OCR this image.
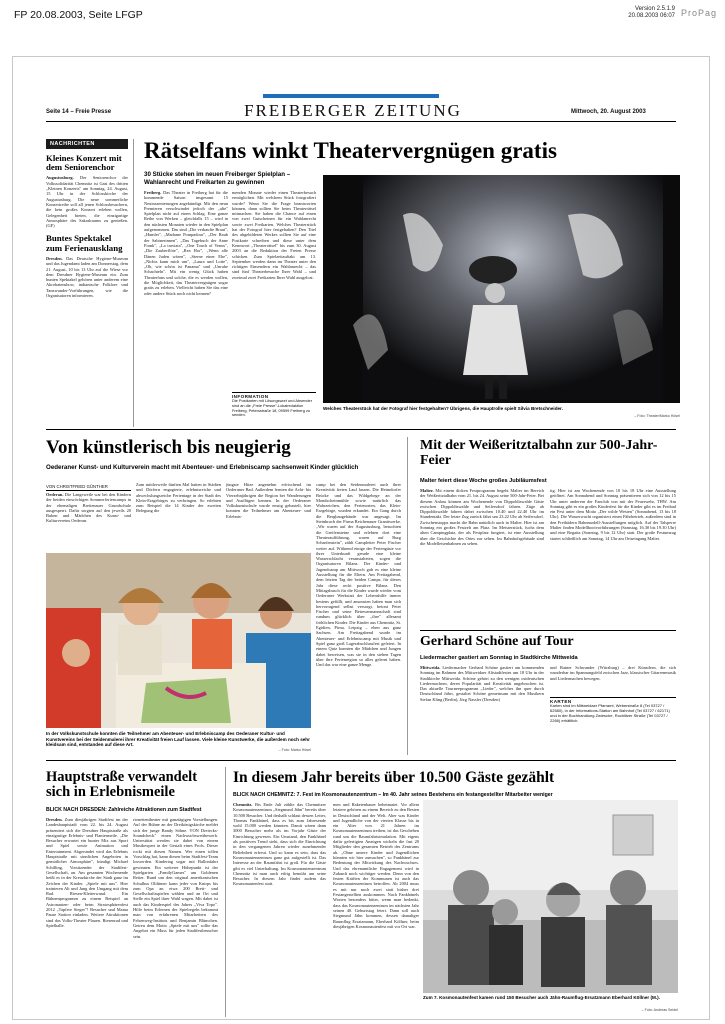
FP 20.08.2003, Seite LFGP	Version 2.5.1.9
20.08.2003 06:07 ProPag
Seite 14 – Freie Presse	FREIBERGER ZEITUNG	Mittwoch, 20. August 2003
NACHRICHTEN
Kleines Konzert mit dem Seniorenchor
Augustusburg. Der Seniorenchor der Volkssolidarität Chemnitz ist Gast des dritten „Kleinen Konzerts" am Sonntag, 24. August, 15 Uhr in der Schlosskirche der Augustusburg. Die neue sommerliche Konzertreihe soll all jenen Schlossbesuchern, die kein großes Konzert erleben wollen, Gelegenheit bieten, die einzigartige Atmosphäre des Sakralraums zu genießen. (GF)
Buntes Spektakel zum Ferienausklang
Dresden. Das Deutsche Hygiene-Museum und das Jugendamt laden am Donnerstag, dem 21. August, 10 bis 13 Uhr auf die Wiese vor dem Dresdner Hygiene-Museum ein. Zum bunten Spektakel gehören unter anderem eine Akrobatenshow, indianische Folklore und Tanzwunder-Vorführungen, wie die Organisatoren informieren.
Rätselfans winkt Theatervergnügen gratis
30 Stücke stehen im neuen Freiberger Spielplan – Wahlanrecht und Freikarten zu gewinnen
Freiberg. Das Theater in Freiberg hat für die kommende Saison insgesamt 15 Neuinszenierungen angekündigt. Mit den neun Premieren verschwindet jedoch der „alte" Spielplan nicht auf einen Schlag. Eine ganze Reihe von Werken – gleichfalls 15 – wird in den nächsten Monaten wieder in den Spielplan aufgenommen. Das sind „Die verkaufte Braut", „Hamlet", „Madame Pompadour", „Der Raub der Sabinerinnen", „Das Tagebuch der Anne Frank", „La traviata", „One Touch of Venus", „Die Zauberflöte", „Rea Hor", „Wenn alle Dänen Juden wären", „Sterne einer Ehe", „Nichts kann mich um", „Laura und Lotte", „Oh, wie schön ist Panama" und „Unruhe Schachteln". Mit ein wenig Glück haben Theaterfans und solche, die es werden wollen, die Möglichkeit, das Theatervergnügen sogar gratis zu erleben. Vielleicht haben Sie das eine oder andere Stück noch nicht kennen?
menden Monate wieder einen Theaterbesuch ermöglichen. Mit welchem Stück fotografiert wurde? Wenn Sie die Frage beantworten können, dann sollten Sie beim Theaterrätsel mitmachen. Sie haben die Chance auf einen von zwei Gutscheinen für ein Wahlanrecht sowie zwei Freikarten. Welches Theaterstück hat der Fotograf hier festgehalten? Den Titel des abgebildeten Werkes sollten Sie auf eine Postkarte schreiben und diese unter dem Kennwort „Theaterrätsel" bis zum 30. August 2003 an die Redaktion der Freien Presse schicken. Zum Spielzeitauftakt am 13. September werden dann im Theater unter den richtigen Einsendern ein Wahlanrecht – das sind fünf Theaterbesuche Ihrer Wahl – und zweimal zwei Freikarten Ihrer Wahl ausgelost.
INFORMATION
Die Postkarten mit Lösungswort und Absender sind an die „Freie Presse"-Lokalredaktion Freiberg, Petersstraße 18, 09599 Freiberg zu senden.
Welches Theaterstück hat der Fotograf hier festgehalten? Übrigens, die Hauptrolle spielt Silvia Bretschneider.
– Foto: Theater/Marko Hösel
Von künstlerisch bis neugierig
Oederaner Kunst- und Kulturverein macht mit Abenteuer- und Erlebniscamp sachsenweit Kinder glücklich
VON CHRISTFRIED GÜNTHER
Oederan. Die Langeweile war bei den Kindern der beiden einwöchigen Sommerferiencamps in der ehemaligen Breitenauer Grundschule ausgesperrt. Dafür sorgten auf den jeweils 20 Buben und Mädchen des Kunst- und Kulturvereins Oederan.
Zum mittlerweile fünften Mal hatten in Städten und Dörfern engagierte, erlebnisreiche und abwechslungsreiche Ferientage in der Stadt des Klein-Erzgebirges zu verbringen. So erlebten zum Beispiel die 14 Kinder der zweiten Belegung die
jüngste Hitze angenehm erfrischend im Oederaner Bad. Außerdem lernten die Acht- bis Vierzehnjährigen die Region bei Wanderungen und Ausflügen kennen. In der Oederaner Volkskunstschule wurde emsig gebastelt, hier konnten die Teilnehmer am Abenteuer- und Erlebnis-
camp bei den Seidenmalerei auch ihrer Kreativität freien Lauf lassen. Die Heimdorfer Brücke und das Wildgehege an der Mondscheinmühle sowie natürlich das Wahrzeichen, den Ferienorten, das Klein-Erzgebirge, wurden erkundet. Ein Gang durch die Bergbaugebäude war angesagt. Im Steinbruch der Firma Reichenauer Granitwerke. „Wir waren auf der Augustusburg, besuchten die Greifensteine und erlebten dort eine Theateraufführung, waren auf Burg Scharfenstein", zählt Campleiter Peter Fischer weiter auf. Während einige der Feriengäste vor ihrer Unterkunft gerade eine kleine Wasserschlacht veranstalteten, zogen die Organisatoren Bilanz. Der Kinder- und Jugendcamp am Mittwoch gab es eine kleine Ausstellung für die Eltern. Am Freitagabend, dem letzten Tag der beiden Camps, für dieses Jahr diese recht positive Bilanz. Den Mittagsbusch für die Kinder wurde wieder vom Oederaner Werkstatt der Lebenshilfe immer bestens gefüllt, und ansonsten haben man sich hervorragend selbst versorgt, betont Peter Fischer und seine Betreuermannschaft sind rundum glücklich über „ihre" allesamt fröhlichen Kinder. Die Kinder aus Chemnitz, St. Egidien, Pirna, Leipzig – eben aus ganz Sachsen. Am Freitagabend wurde im Abenteuer- und Erlebniscamp mit Musik und Spiel ganz groß Lagerabschlussfest gefeiert. In einem Quiz konnten die Mädchen und Jungen dabei beweisen, was sie in den sieben Tagen über ihre Ferienregion so alles gelernt haben. Und das war eine ganze Menge.
In der Volkskunstschule konnten die Teilnehmer am Abenteuer- und Erlebniscamp des Oederaner Kultur- und Kunstvereins bei der Seidenmalerei ihrer Kreativität freien Lauf lassen. Viele kleine Kunstwerke, die außerdem noch sehr kleidsam sind, entstanden auf diese Art.
– Foto: Marko Hösel
Mit der Weißeritztalbahn zur 500-Jahr-Feier
Malter feiert diese Woche großes Jubiläumsfest
Malter. Mit einem dicken Festprogramm begeht Malter im Bereich der Weißeritztalbahn vom 21. bis 24. August seine 500-Jahr-Feier. Bei diesem Anlass können am Wochenende von Dippoldiswalde Gäste zwischen Dippoldiswalde und Seifersdorf fahren. Züge ab Dippoldiswalde fahren dabei zwischen 10.40 und 22.40 Uhr im Stundentakt. Der letzte Zug zurück fährt um 23.22 Uhr ab Seifersdorf. Zwischenstopps macht die Bahn natürlich auch in Malter. Hier ist am Sonntag ein großes Festzelt am Platz. Im Meisterstück, fuchs dem alten Campingplatz, der als Festplatz fungiert, ist eine Ausstellung über die Geschichte des Ortes zur sehen. Im Bahnhofsgebäude sind die Modelleisenbahnen zu sehen.
tig. Hier ist am Wochenende von 10 bis 18 Uhr eine Ausstellung geöffnet. Am Sonnabend und Sonntag präsentieren sich von 12 bis 15 Uhr unter anderem der Fanclub von mit der Feuerwehr, THW. Am Sonntag gibt es ein großes Kinderfest für die Kinder gibt es im Freibad ein Fest unter dem Motto „Der wilde Westen" (Sonnabend, 13 bis 18 Uhr). Die Wasserwacht organisiert einen Fährbetrieb, außerdem sind in den Freibädern Bahnmodell-Ausstellungen möglich. Auf der Talsperre Malter finden Modellbootvorführungen (Samstag, 16.30 bis 19.30 Uhr) und eine Regatta (Sonntag, 9 bis 12 Uhr) statt. Der große Festumzug startet schließlich am Sonntag, 14 Uhr am Ortseingang Malter.
Gerhard Schöne auf Tour
Liedermacher gastiert am Sonntag in Stadtkirche Mittweida
Mittweida. Liedermacher Gerhard Schöne gastiert am kommenden Sonntag im Rahmen des Mittweidaer Altstadtfestes um 18 Uhr in der Stadtkirche Mittweida. Schöne gehört zu den wenigen ostdeutschen Liedermachern, deren Popularität und Kreativität ungebrochen ist. Das aktuelle Tourneeprogramm „Lieder", welches ihn quer durch Deutschland führt, gestaltet Schöne gemeinsam mit den Musikern Stefan Kling (Berlin), Jörg Nassler (Dresden)
und Rainer Schwander (Würzburg) – drei Künstlern, die sich wunderbar im Spannungsfeld zwischen Jazz, klassischer Gitarrenmusik und Liedermachen bewegen.
KARTEN
Karten sind im Mittweidaer Pfarramt, Weberstraße 8 (Tel 03727 / 62580), in der Informations-Station am Bahnhof (Tel 03727 / 62171) und in der Buchhandlung Zwiesche, Rochlitzer Straße (Tel 03727 / 2266) erhältlich.
Hauptstraße verwandelt sich in Erlebnismeile
BLICK NACH DRESDEN: Zahlreiche Attraktionen zum Stadtfest
Dresden. Zum diesjährigen Stadtfest im der Landeshauptstadt vom 22. bis 24. August präsentiert sich die Dresdner Hauptstraße als einzigartige Erlebnis- und Flaniermeile. „Die Besucher erwartet ein bunter Mix aus Sport und Spiel sowie Animation und Entertainment. Abgerundet wird das Erlebnis Hauptstraße mit sinnlichen Angeboten in gemütlicher Atmosphäre", kündigt Michael Schilling, Vorsitzender der Stadtfest-Gesellschaft, an. Am gesamten Wochenende heißt es in der Kreuzkirche der Stadt ganz im Zeichen der Kinder. „Spiele mit uns". Hier trainieren Alt und Jung den Umgang mit dem Rad. Riesen-Kletterwand. Ein Bühnenprogramm zu einem Beispiel an Astronauten- oder beim Stratosphärenfest 2012 „Tapfere Sieger"! Besucher und Mama Pause Station einladen. Weitere Attraktionen sind das Volks-Theater Plauen. Riesenrad und Spielhalle.
rionettentheater mit ganztägigen Vorstellungen. Auf der Bühne an der Dreikönigskirche meldet sich der junge Randy Söhne. VON Dreiecks-Soundcheck" einen Nachwuchswettbewerb. Unterstützt werden sie dabei von einem Musikexpert in der Gestalt eines Profs. Dieser rockt mit diesen Namen. Wer einen tollen Vorschlag hat, kann diesen beim Stadtfest-Team loswerden. Kindertag sogar mit Ballonfahrt gewinnen. Ein weiterer Höhepunkt ist der Spielgarten „FamilyGames" am Goldenen Reiter. Rund um den original amerikanischen Schulbus Oldtimer kann jeder von Knirps bis zum Opa an etwa 200 Brett- und Gesellschaftsspielen wählen und an Ort und Stelle ein Spiel ihrer Wahl wagen. Mit dabei ist auch das Kinderspiel des Jahres „Viva Topo". Hilfe beim Erlernen der Spielregeln bekommt man von erfahrenen Mitarbeitern des Felsenweg-Instituts und Benjamin Blümchen. Getreu dem Motto „Spiele mit uns" sollte das Angebot ein Muss für jeden Stadtfestbesucher sein.
In diesem Jahr bereits über 10.500 Gäste gezählt
BLICK NACH CHEMNITZ: 7. Fest im Kosmonautenzentrum – Im 40. Jahr seines Bestehens ein festangestellter Mitarbeiter weniger
Chemnitz. Bis Ende Juli zählte das Chemnitzer Kosmonautenzentrum „Siegmund Jähn" bereits über 10.500 Besucher. Und deshalb schlaut dessen Leiter, Thomas Fankhänel, dass es bis zum Jahresende wohl 15.000 werden könnten. Damit wären dann 3000 Besucher mehr als im Vorjahr Gäste der Einrichtung gewesen. Ein Umstand, den Fankhänel als positiven Trend sieht, dass sich die Einrichtung in den vergangenen Jahren wieder zunehmender Beliebtheit erfreut. Und so kann es sein, dass das Kosmonautenzentrum ganz gut aufgestellt ist. Das Interesse an der Raumfahrt ist groß. Für die Gäste gibt es viel Unterhaltung. Im Kosmonautenzentrum Chemnitz ist man auch eifrig bemüht um seine Besucher. In diesem Jahr findet zudem das Kosmonautenfest statt.
men und Raketenbauer beheimatet. Vor allem letztere gehören zu einem Bereich zu den Besten in Deutschland und der Welt. Aber was Kinder und Jugendliche von der vierten Klasse bis in ein Alter von 21 Jahren im Kosmonautenzentrum treiben, ist das Geschehen rund um die Raumfahrtsimulation. Mit eigens dafür gefertigten Anzügen wickeln die fast 20 Mitglieder den gesamten Betrieb des Zentrums ab. „Ohne unsere Kinder und Jugendlichen könnten wir hier zumachen", so Fankhänel zur Bedeutung der Mitwirkung des Nachwuchses. Und das ehrenamtliche Engagement wird in Zukunft noch wichtiger werden. Denn von den festen Kräften der Kommunen ist auch das Kosmonautenzentrum betroffen. Ab 2004 muss es mit nur noch zwei statt bisher drei Festangestellten auskommen. Nach Fankhänels Worten besonders bitter, wenn man bedenkt, dass das Kosmonautenzentrum im nächsten Jahr seinen 40. Geburtstag feiert. Dann soll auch Siegmund Jähn kommen, dessen damaliger Raumflug Ersatzmann, Eberhard Köllner, beim diesjährigen Kosmonautenfest mit vor Ort war.
Zum 7. Kosmonautenfest kamen rund 150 Besucher auch Jähn-Raumflug-Ersatzmann Eberhard Köllner (M.).
– Foto: Andreas Seidel
